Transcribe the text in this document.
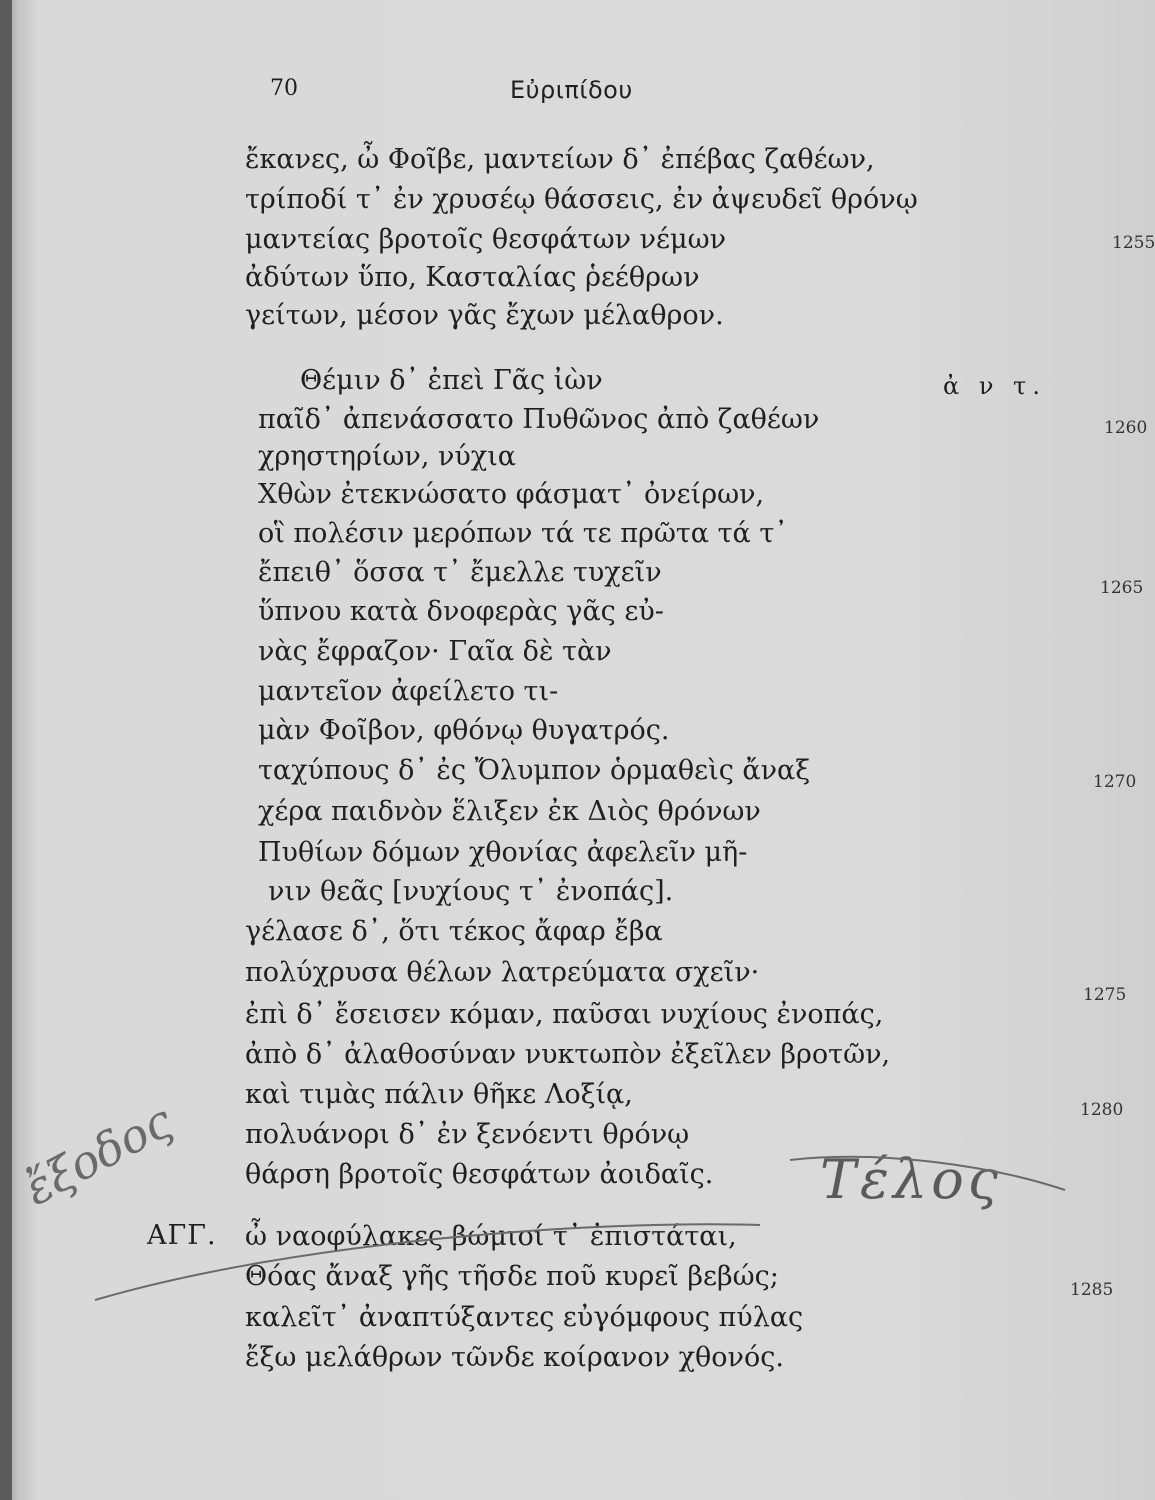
70	Εὐριπίδου
ἔκανες, ὦ Φοῖβε, μαντείων δ᾽ ἐπέβας ζαθέων,
τρίποδί τ᾽ ἐν χρυσέῳ θάσσεις, ἐν ἀψευδεῖ θρόνῳ
μαντείας βροτοῖς θεσφάτων νέμων
ἀδύτων ὕπο, Κασταλίας ῥεέθρων
γείτων, μέσον γᾶς ἔχων μέλαθρον.
ἀ ν τ.
Θέμιν δ᾽ ἐπεὶ Γᾶς ἰὼν
παῖδ᾽ ἀπενάσσατο Πυθῶνος ἀπὸ ζαθέων
χρηστηρίων, νύχια
Χθὼν ἐτεκνώσατο φάσματ᾽ ὀνείρων,
οἳ πολέσιν μερόπων τά τε πρῶτα τά τ᾽
ἔπειθ᾽ ὅσσα τ᾽ ἔμελλε τυχεῖν
ὕπνου κατὰ δνοφερὰς γᾶς εὐ-
νὰς ἔφραζον· Γαῖα δὲ τὰν
μαντεῖον ἀφείλετο τι-
μὰν Φοῖβον, φθόνῳ θυγατρός.
ταχύπους δ᾽ ἐς Ὄλυμπον ὁρμαθεὶς ἄναξ
χέρα παιδνὸν ἕλιξεν ἐκ Διὸς θρόνων
Πυθίων δόμων χθονίας ἀφελεῖν μῆ-
νιν θεᾶς [νυχίους τ᾽ ἐνοπάς].
γέλασε δ᾽, ὅτι τέκος ἄφαρ ἔβα
πολύχρυσα θέλων λατρεύματα σχεῖν·
ἐπὶ δ᾽ ἔσεισεν κόμαν, παῦσαι νυχίους ἐνοπάς,
ἀπὸ δ᾽ ἀλαθοσύναν νυκτωπὸν ἐξεῖλεν βροτῶν,
καὶ τιμὰς πάλιν θῆκε Λοξίᾳ,
πολυάνορι δ᾽ ἐν ξενόεντι θρόνῳ
θάρση βροτοῖς θεσφάτων ἀοιδαῖς.
ΑΓΓ. ὦ ναοφύλακες βώμιοί τ᾽ ἐπιστάται,
Θόας ἄναξ γῆς τῆσδε ποῦ κυρεῖ βεβώς;
καλεῖτ᾽ ἀναπτύξαντες εὐγόμφους πύλας
ἔξω μελάθρων τῶνδε κοίρανον χθονός.
1255
1260
1265
1270
1275
1280
1285
ἔξοδος	Τέλος
